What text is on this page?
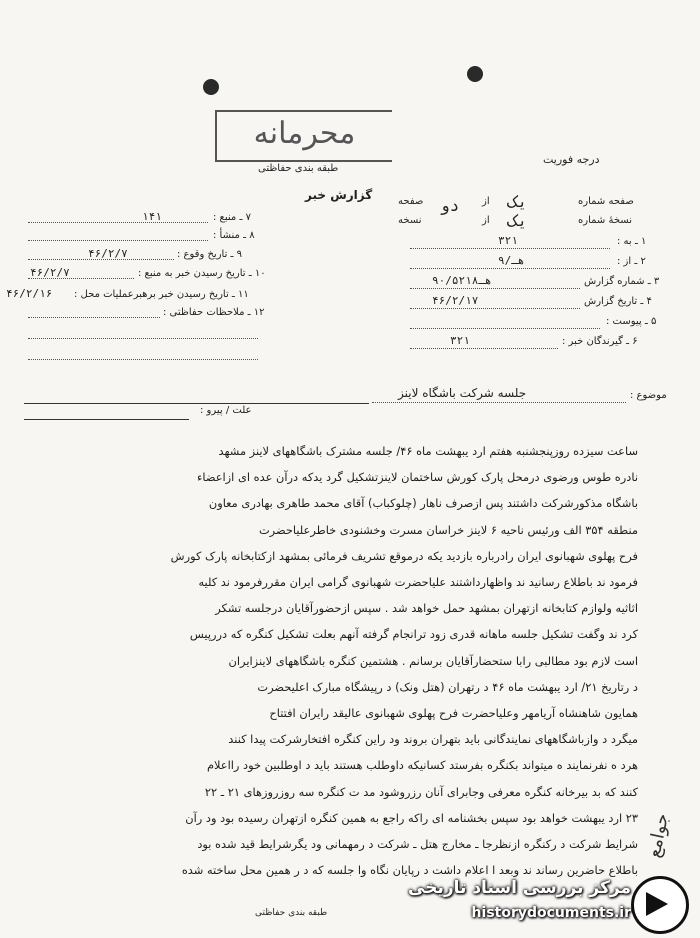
محرمانه
طبقه بندی حفاظتی
درجه فوریت
گزارش خبر	صفحه شماره
یک
از
دو
صفحه
نسخهٔ شماره
یک
از
نسخه
۱ ـ به :
۳۲۱
۲ ـ از :
۹/هـ
۳ ـ شماره گزارش
۹۰/۵۲۱۸هـ
۴ ـ تاریخ گزارش
۴۶/۲/۱۷
۵ ـ پیوست :
۶ ـ گیرندگان خبر :
۳۲۱
۷ ـ منبع :
۱۴۱
۸ ـ منشأ :
۹ ـ تاریخ وقوع :
۴۶/۲/۷
۱۰ ـ تاریخ رسیدن خبر به منبع :
۴۶/۲/۷
۱۱ ـ تاریخ رسیدن خبر برهبرعملیات محل :
۴۶/۲/۱۶
۱۲ ـ ملاحظات حفاظتی :
موضوع :
جلسه شرکت باشگاه لاینز
علت / پیرو :

ساعت سیزده روزپنجشنبه هفتم ارد یبهشت ماه ۴۶/ جلسه مشترک باشگاههای لاینز مشهد

نادره طوس ورضوی درمحل پارک کورش ساختمان لاینزتشکیل گرد یدکه درآن عده ای ازاعضاء

باشگاه مذکورشرکت داشتند پس ازصرف ناهار (چلوکباب) آقای محمد طاهری بهادری معاون

منطقه ۳۵۴ الف ورئیس ناحیه ۶ لاینز خراسان مسرت وخشنودی خاطرعلیاحضرت

فرح پهلوی شهبانوی ایران رادرباره بازدید یکه درموقع تشریف فرمائی بمشهد ازکتابخانه پارک کورش

فرمود ند باطلاع رسانید ند واظهارداشتند علیاحضرت شهبانوی گرامی ایران مقررفرمود ند کلیه

اثاثیه ولوازم کتابخانه ازتهران بمشهد حمل خواهد شد . سپس ازحضورآقایان درجلسه تشکر

کرد ند وگفت تشکیل جلسه ماهانه قدری زود ترانجام گرفته آنهم بعلت تشکیل کنگره که دررپیس

است لازم بود مطالبی رابا ستحضارآقایان برسانم . هشتمین کنگره باشگاههای لاینزایران

د رتاریخ ۲۱/ ارد یبهشت ماه ۴۶ د رتهران (هتل ونک) د رپیشگاه مبارک اعلیحضرت

همایون شاهنشاه آریامهر وعلیاحضرت فرح پهلوی شهبانوی عالیقد رایران افتتاح

میگرد د وازباشگاههای نمایندگانی باید بتهران بروند ود راین کنگره افتخارشرکت پیدا کنند

هرد ه نفرنمایند ه میتواند بکنگره بفرستد کسانیکه داوطلب هستند باید د اوطلبین خود رااعلام

کنند که بد بیرخانه کنگره معرفی وجابرای آنان رزروشود مد ت کنگره سه روزروزهای ۲۱ ـ ۲۲

۲۳ ارد یبهشت خواهد بود سپس بخشنامه ای راکه راجع به همین کنگره ازتهران رسیده بود ود رآن

شرایط شرکت د رکنگره ازنظرجا ـ مخارج هتل ـ شرکت د رمهمانی ود یگرشرایط قید شده بود

باطلاع حاضرین رساند ند وبعد ا اعلام داشت د رپایان نگاه وا جلسه که د ر همین محل ساخته شده

طبقه بندی حفاظتی
جوامع
مرکز بررسی اسناد تاریخی
historydocuments.ir
